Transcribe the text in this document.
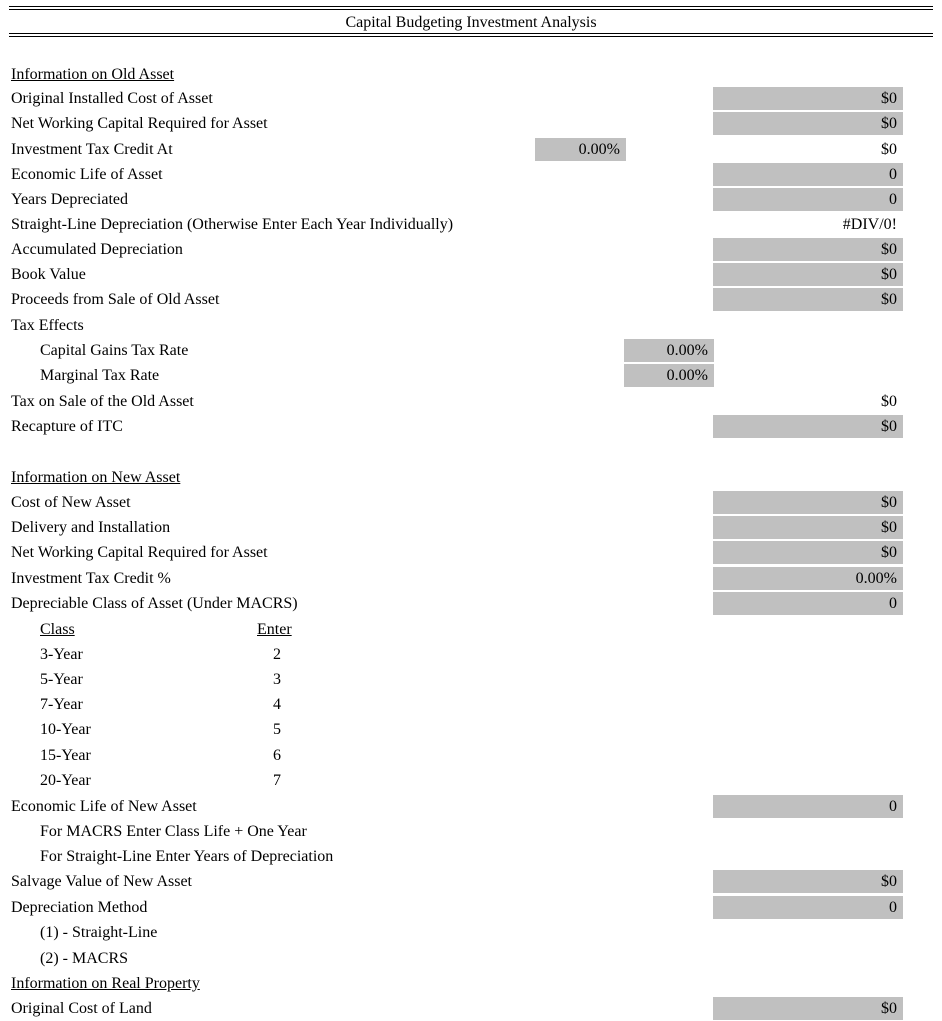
Capital Budgeting Investment Analysis
Information on Old Asset
Original Installed Cost of Asset	$0
Net Working Capital Required for Asset	$0
Investment Tax Credit At	0.00%	$0
Economic Life of Asset	0
Years Depreciated	0
Straight-Line Depreciation (Otherwise Enter Each Year Individually)	#DIV/0!
Accumulated Depreciation	$0
Book Value	$0
Proceeds from Sale of Old Asset	$0
Tax Effects
Capital Gains Tax Rate	0.00%
Marginal Tax Rate	0.00%
Tax on Sale of the Old Asset	$0
Recapture of ITC	$0
Information on New Asset
Cost of New Asset	$0
Delivery and Installation	$0
Net Working Capital Required for Asset	$0
Investment Tax Credit %	0.00%
Depreciable Class of Asset (Under MACRS)	0
Class	Enter
3-Year	2
5-Year	3
7-Year	4
10-Year	5
15-Year	6
20-Year	7
Economic Life of New Asset	0
For MACRS Enter Class Life + One Year
For Straight-Line Enter Years of Depreciation
Salvage Value of New Asset	$0
Depreciation Method	0
(1) - Straight-Line
(2) - MACRS
Information on Real Property
Original Cost of Land	$0
